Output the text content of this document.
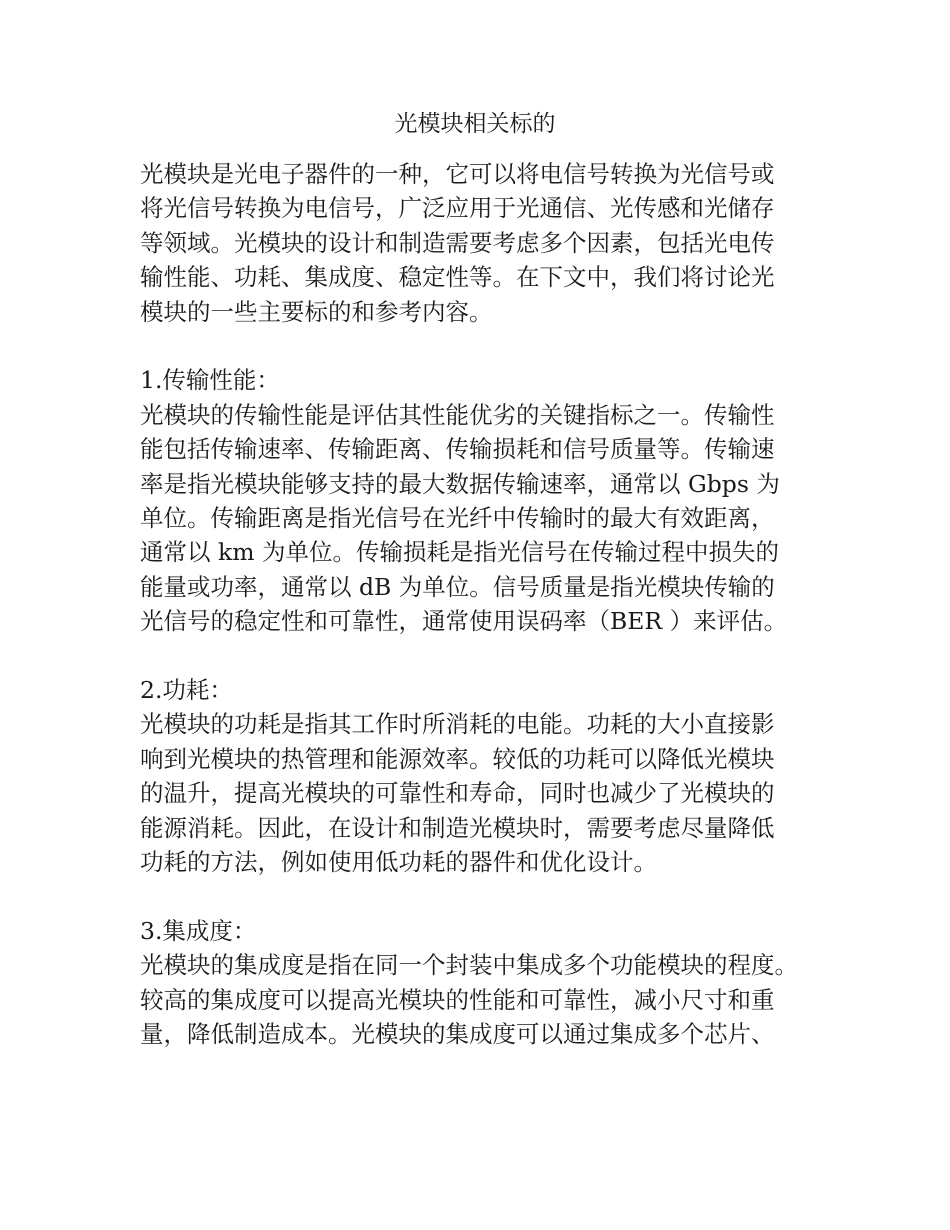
光模块相关标的
光模块是光电子器件的一种，它可以将电信号转换为光信号或
将光信号转换为电信号，广泛应用于光通信、光传感和光储存
等领域。光模块的设计和制造需要考虑多个因素，包括光电传
输性能、功耗、集成度、稳定性等。在下文中，我们将讨论光
模块的一些主要标的和参考内容。
1.传输性能：
光模块的传输性能是评估其性能优劣的关键指标之一。传输性
能包括传输速率、传输距离、传输损耗和信号质量等。传输速
率是指光模块能够支持的最大数据传输速率，通常以 Gbps 为
单位。传输距离是指光信号在光纤中传输时的最大有效距离，
通常以 km 为单位。传输损耗是指光信号在传输过程中损失的
能量或功率，通常以 dB 为单位。信号质量是指光模块传输的
光信号的稳定性和可靠性，通常使用误码率（BER ）来评估。
2.功耗：
光模块的功耗是指其工作时所消耗的电能。功耗的大小直接影
响到光模块的热管理和能源效率。较低的功耗可以降低光模块
的温升，提高光模块的可靠性和寿命，同时也减少了光模块的
能源消耗。因此，在设计和制造光模块时，需要考虑尽量降低
功耗的方法，例如使用低功耗的器件和优化设计。
3.集成度：
光模块的集成度是指在同一个封装中集成多个功能模块的程度。
较高的集成度可以提高光模块的性能和可靠性，减小尺寸和重
量，降低制造成本。光模块的集成度可以通过集成多个芯片、
